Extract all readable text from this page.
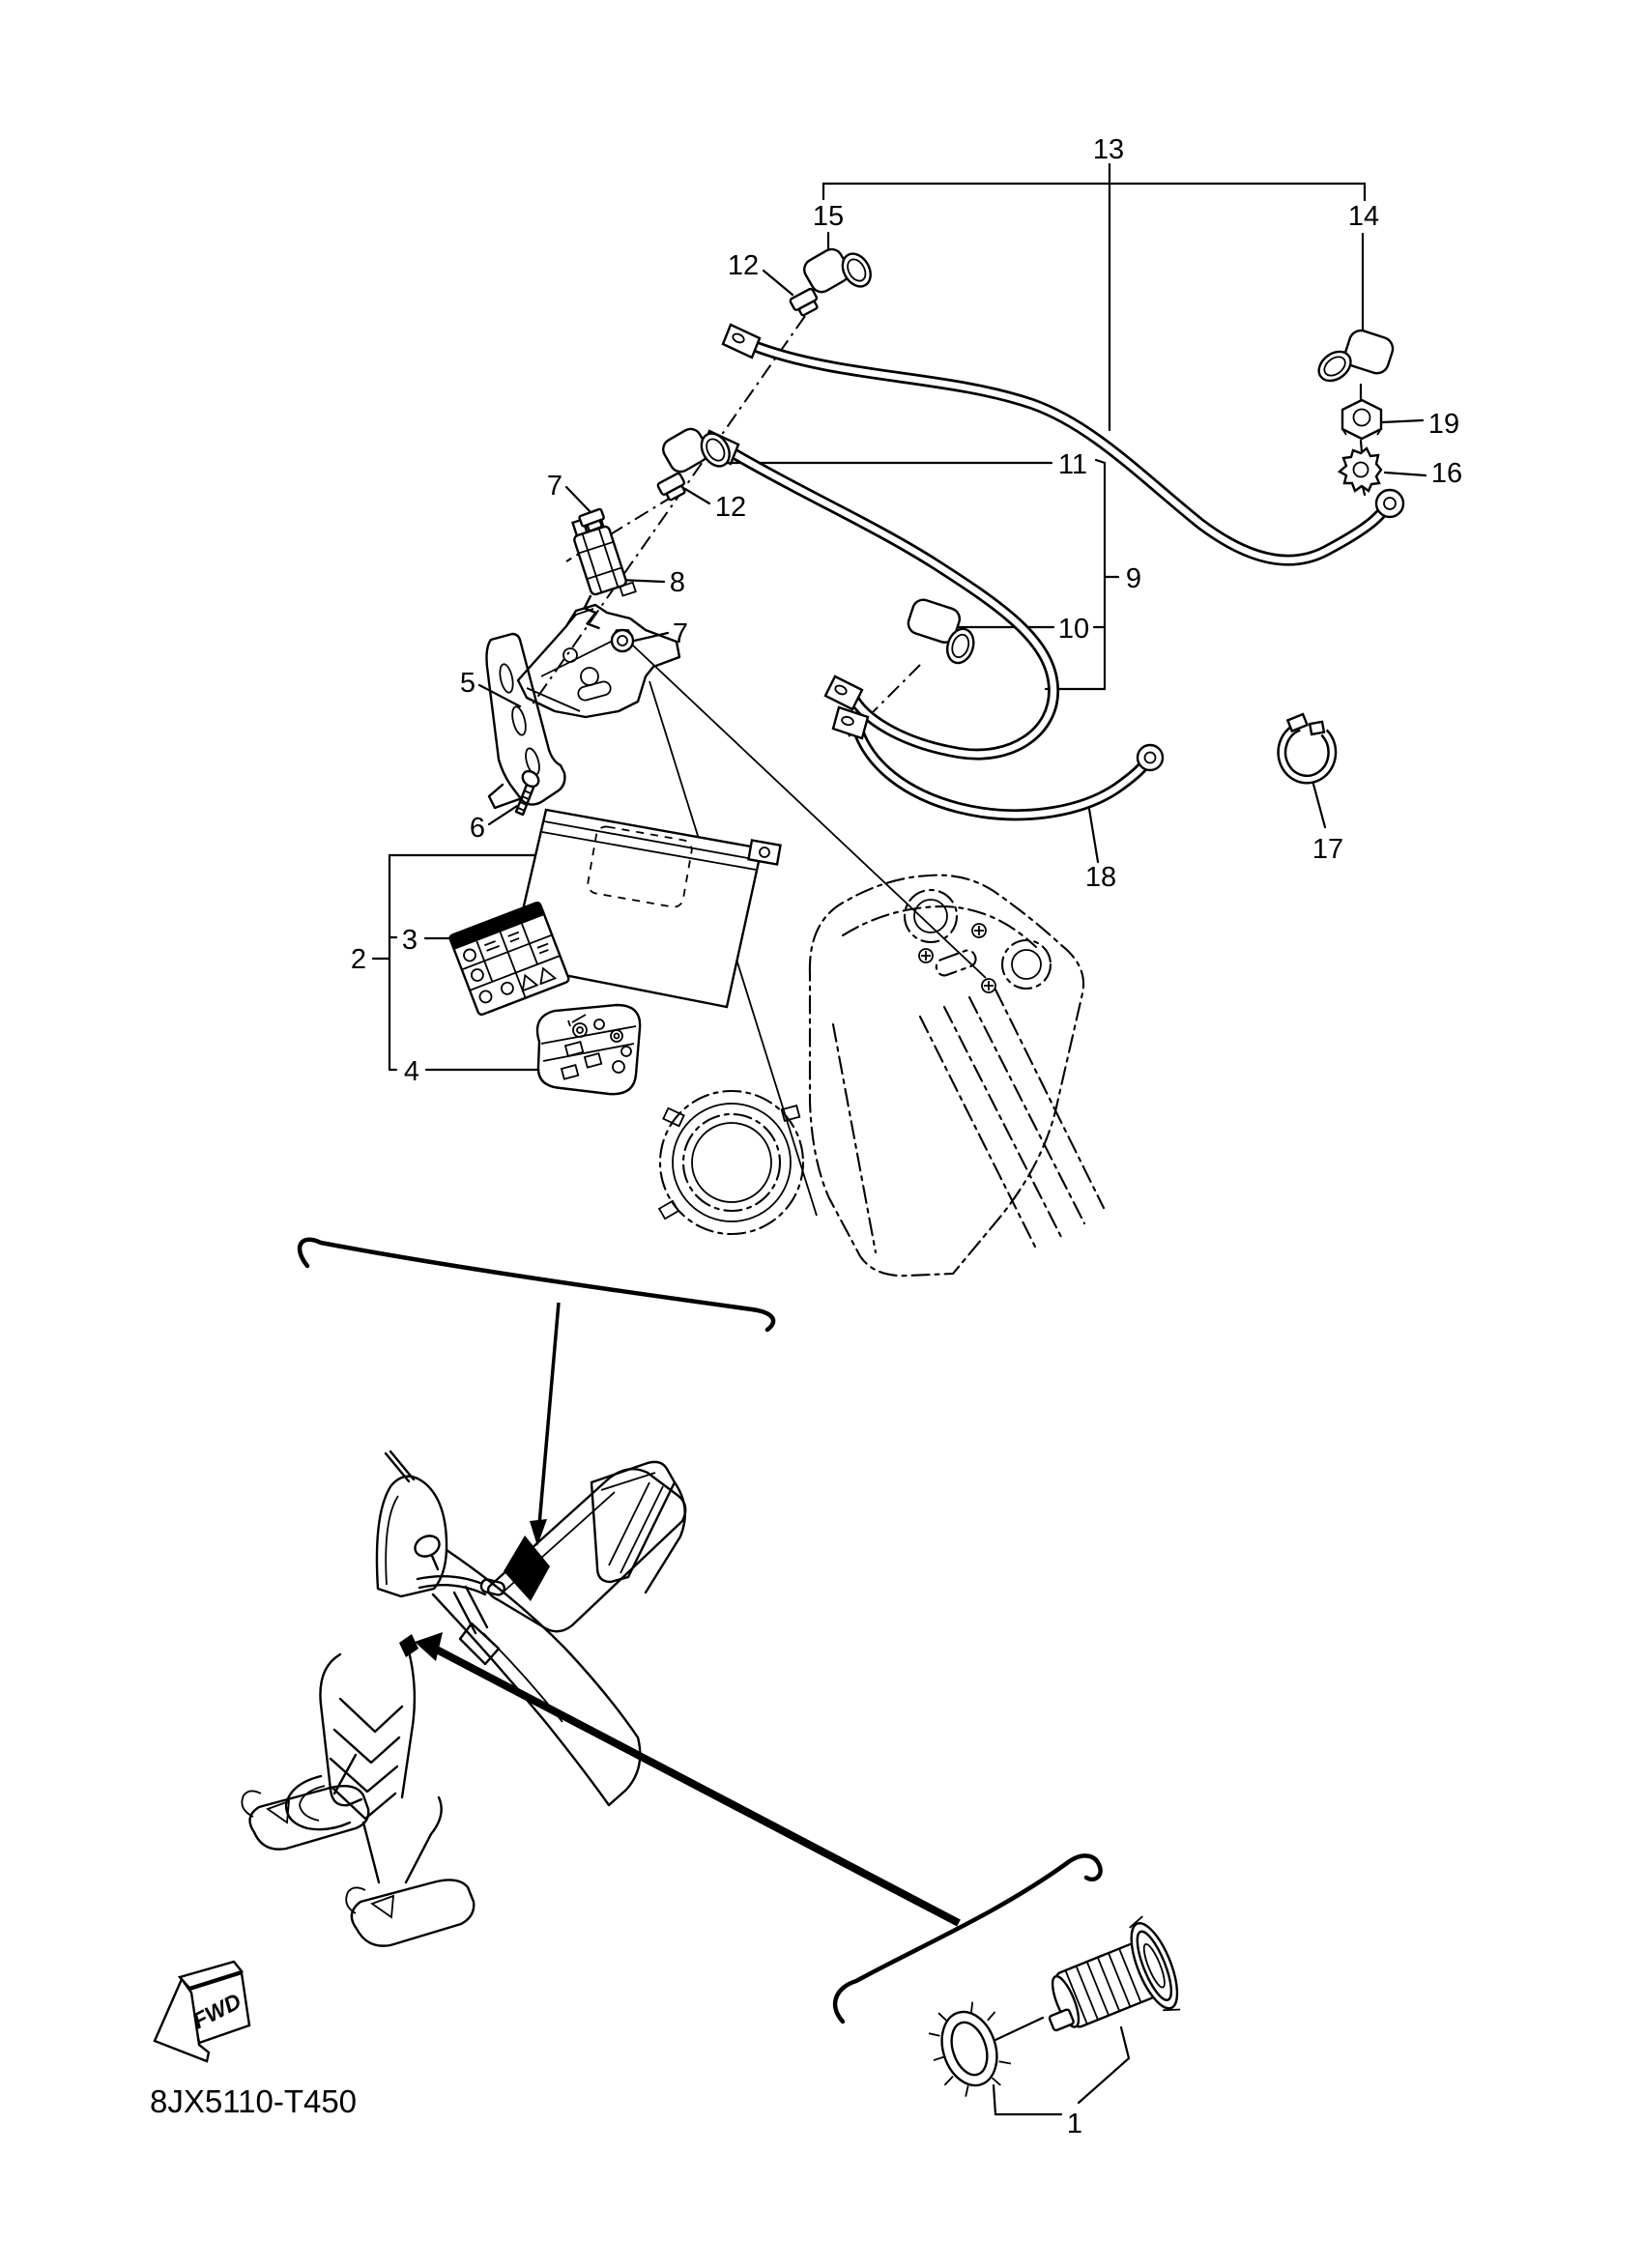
FWD
8JX5110-T450
1
2
3
4
5
6
7
7
8	9
10
11
12
12
13
14
15
16
17
18
19
